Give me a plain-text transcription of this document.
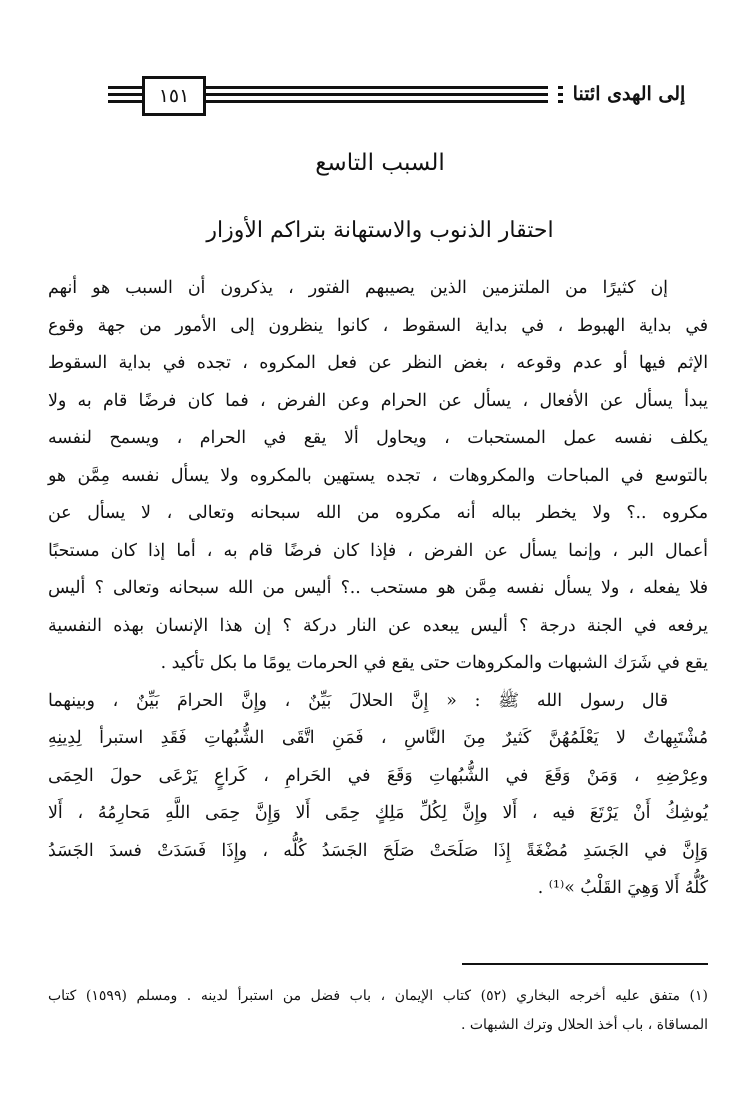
١٥١	إلى الهدى ائتنا
السبب التاسع
احتقار الذنوب والاستهانة بتراكم الأوزار
إن كثيرًا من الملتزمين الذين يصيبهم الفتور ، يذكرون أن السبب هو أنهم
في بداية الهبوط ، في بداية السقوط ، كانوا ينظرون إلى الأمور من جهة وقوع
الإثم فيها أو عدم وقوعه ، بغض النظر عن فعل المكروه ، تجده في بداية السقوط
يبدأ يسأل عن الأفعال ، يسأل عن الحرام وعن الفرض ، فما كان فرضًا قام به ولا
يكلف نفسه عمل المستحبات ، ويحاول ألا يقع في الحرام ، ويسمح لنفسه
بالتوسع في المباحات والمكروهات ، تجده يستهين بالمكروه ولا يسأل نفسه مِمَّن هو
مكروه ..؟ ولا يخطر بباله أنه مكروه من الله سبحانه وتعالى ، لا يسأل عن
أعمال البر ، وإنما يسأل عن الفرض ، فإذا كان فرضًا قام به ، أما إذا كان مستحبًا
فلا يفعله ، ولا يسأل نفسه مِمَّن هو مستحب ..؟ أليس من الله سبحانه وتعالى ؟ أليس
يرفعه في الجنة درجة ؟ أليس يبعده عن النار دركة ؟ إن هذا الإنسان بهذه النفسية
يقع في شَرَك الشبهات والمكروهات حتى يقع في الحرمات يومًا ما بكل تأكيد .
قال رسول الله ﷺ : « إِنَّ الحلالَ بَيِّنٌ ، وإِنَّ الحرامَ بَيِّنٌ ، وبينهما
مُشْتَبِهاتٌ لا يَعْلَمُهُنَّ كَثيرٌ مِنَ النَّاسِ ، فَمَنِ اتَّقَى الشُّبُهاتِ فَقَدِ استبرأ لِدِينِهِ
وعِرْضِهِ ، وَمَنْ وَقَعَ في الشُّبُهاتِ وَقَعَ في الحَرامِ ، كَراعٍ يَرْعَى حولَ الحِمَى
يُوشِكُ أَنْ يَرْتَعَ فيه ، أَلا وإِنَّ لِكُلِّ مَلِكٍ حِمًى أَلا وَإِنَّ حِمَى اللَّهِ مَحارِمُهُ ، أَلا
وَإِنَّ في الجَسَدِ مُضْغَةً إِذَا صَلَحَتْ صَلَحَ الجَسَدُ كُلُّه ، وإِذَا فَسَدَتْ فسدَ الجَسَدُ
كُلُّهُ أَلا وَهِيَ القَلْبُ »⁽¹⁾ .
(١) متفق عليه أخرجه البخاري (٥٢) كتاب الإيمان ، باب فضل من استبرأ لدينه . ومسلم (١٥٩٩) كتاب
المساقاة ، باب أخذ الحلال وترك الشبهات .
